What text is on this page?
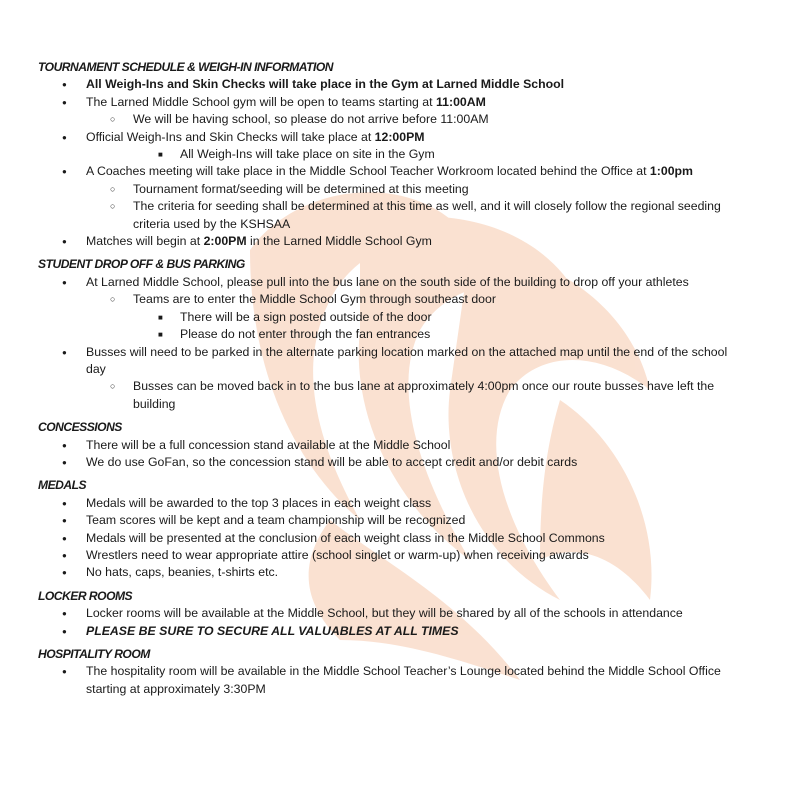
TOURNAMENT SCHEDULE & WEIGH-IN INFORMATION
● All Weigh-Ins and Skin Checks will take place in the Gym at Larned Middle School
● The Larned Middle School gym will be open to teams starting at 11:00AM
○ We will be having school, so please do not arrive before 11:00AM
● Official Weigh-Ins and Skin Checks will take place at 12:00PM
■ All Weigh-Ins will take place on site in the Gym
● A Coaches meeting will take place in the Middle School Teacher Workroom located behind the Office at 1:00pm
○ Tournament format/seeding will be determined at this meeting
○ The criteria for seeding shall be determined at this time as well, and it will closely follow the regional seeding criteria used by the KSHSAA
● Matches will begin at 2:00PM in the Larned Middle School Gym
STUDENT DROP OFF & BUS PARKING
● At Larned Middle School, please pull into the bus lane on the south side of the building to drop off your athletes
○ Teams are to enter the Middle School Gym through southeast door
■ There will be a sign posted outside of the door
■ Please do not enter through the fan entrances
● Busses will need to be parked in the alternate parking location marked on the attached map until the end of the school day
○ Busses can be moved back in to the bus lane at approximately 4:00pm once our route busses have left the building
CONCESSIONS
● There will be a full concession stand available at the Middle School
● We do use GoFan, so the concession stand will be able to accept credit and/or debit cards
MEDALS
● Medals will be awarded to the top 3 places in each weight class
● Team scores will be kept and a team championship will be recognized
● Medals will be presented at the conclusion of each weight class in the Middle School Commons
● Wrestlers need to wear appropriate attire (school singlet or warm-up) when receiving awards
● No hats, caps, beanies, t-shirts etc.
LOCKER ROOMS
● Locker rooms will be available at the Middle School, but they will be shared by all of the schools in attendance
● PLEASE BE SURE TO SECURE ALL VALUABLES AT ALL TIMES
HOSPITALITY ROOM
● The hospitality room will be available in the Middle School Teacher’s Lounge located behind the Middle School Office starting at approximately 3:30PM
